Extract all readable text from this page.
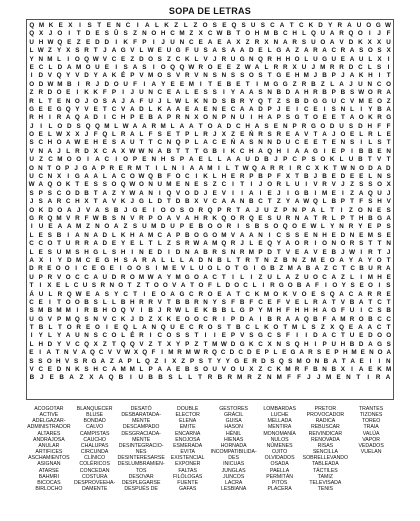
SOPA DE LETRAS
Q M K E X	I	S T E N C	I	A L K Z L Z O S E Q S U S C A T C K D Y R A U O G W
Q X J O I	T D E S Ū S Z N O H C M Z X C W B T O H M B C H L Q U A R Q O I	J F
U H W Q E Z E D D I K F P	I	J U N C E A E A X Z R X N A R S U O A V D K X X U
L W Z Y X S R T J A G V L W E U G F U S A S A A D E L G A Z A R A C R A S O S X
Y N M L	I O Q W V C E Z D O S Z C K L V J R U G N Q R H H O L U G U E A U L X I
E C L D A M O U E	I	S A S	I O Q Q W R O E E Z W A L R R X U J M R R D C L S	I
I D V Q Y V D Y A K É P V M O S V R V N S N S S O S T G E H M J B P J A K H I	T
O D W M B I R J D O U F	I A Y E E M I	T E B E T	I M G G Z R B Z L A J U N C O
Z R D O E I K K F P I	J U N C E A L E S S I Y A A S N B D A H R B P B S W O R A
R L T E N O J O S A J A F U J L W L K N D S B R Y Q T Z S B D G G U C V M E O Z
G E E G Q Y V E T C V A D L K A A E A E N E C A A D P J E I C E I S N L	I Y B A
R H I R A Q A D I C H P E B A P R N X O N P N U I H A P S G T O E E T A O K R G
J	I	L O D S Q Q M L W A A R M L A A T O A D C H A S E N P R G O D U S D H F F
O E L W X X J F Q L R A L F S E T P L R J X Z E Ń R S R E A V T A J O E L R L E
S C H O A W E H E S A U T T C N Q P L A C E Ń A S N N D U C E E T E N S I	L S T
V N A J L R D X C A X W W N A B T T T G B I K C H A Q H I A A G I E P I B B E N
U Z C M O O I A C I O P E N H S P A E L L A A U D B J P C P S O K L U B T V T
O N T O P J G A P R E R M T I L N I A A M I L T W Q A R R I R C X K T W N O D A D
U C N X I G A A L A C O W Q B F O C I K L H E R P B P F X T B J B E D E E L N S
W A Q O K T E S S O Q W O N U M E N E S Z C I	T	I	J O R L U I V R V J Z S S O X
S P S C O D B T A Z Y W A N I Q V O D J E V I	I A I E J	I G B I M E I	Z A Q U J
J S A R C H X T A V K J G L D T D B X V C A A N B C T Z Y A W Q L B P T F S H V
O K D O A J V A S B J G E	I O O S O R Q P R T A J U Z P N P A L T	I	Z O N E S
G R Q M V R F W B S N V R P O A V A H R K Q O R Q E S U R N A T R L P T H B G A
I U E A A M Z N O A Z S U M D U P E B O O R I	S B S O Q O E W L Y N R Y E P S
L E S B I A N A D L K H A M C A P B O G O M V A A N I C S S E N H E D N E M S E
C C O T U R R A D E Y E L T L Z S R W A M Q R J L E Q Y A O R I O N O R S T T N
L E S U M S H G L S H I N E D I D N A B R S N R M P D T V E A V E B J W I R T J
A X	I	Y D M C E G H S A R A L L L A D N B L T R T N Z B N Z M E O A Y A Y O T
D R E O O I C E G E I O O S I M E V L U O L O T G I G B Z M A B A Z C T C B U R A
U P R V O C C A U D R O M W A Y M G O A C T	I	L	I	Z U L A Z U O C A Z L	I M H E
T I X E L C U S R N O T Z T O O V A T O F L D O C L I R G O B A F I O Y S E O I S
Á U L R Q W E A S Y C T	I	E O A G C R O E A T C K M O K V O E S Q A C A R R E
C E I	T O O B S L L B H R R V T B B R N Y S F B F C E F V E L R A T V B A T C T
S M B M M I R B H O Q V I B J R W L E K B B L G P Y M H F H H H A G F U I C S B
U G V P M Q S N V C K J D Z X K E O O C R I P D A I B R A A Q B F A M R O B C C
T B L T O R E O I	E Q L A N Q U E C R O S T B C L K O T M L S Z X Q E A A C T
I Y L Y A U N S C O L É R I C O S S T	I	I E P V S G C S F	I	I D A C T U E D O O
L H D Y V C Q X Z T Q Q V Z T X Y P Z T M W D G K C X N S Q H I P U H B D A G S
E I A T N V A Q C V V W X Q F I M R M W R Q C D C D E P L E G A R S E P H M E N O A
S S O H V S R G A Z A P L Q Z I X Z P S T Y Y G E R D S Q S M O N B A T A E I	I N
V C E D N K S H C A M M L P A A E B S O U V O U X Z C K M R F B N B X I A E K M
B J E B A Z X A Q B	I	U B B S L L T R B R M R Z N M F F J	J M E N T	I	R A
ACOGOTAR
ACTIVE
ADELGAZAR-
ADMINISTRADOR
ALTARES
ANDRAJOSA
ANULAR
ARTIFICES
ASCHAMIENTOS
ASIGNAN
ATARSE
BAHMRI
BICOCAS
BIRLOCHO
BLANQUECER
BLUSE
BONDAD
CALVO
CAMPISTAS
CAUCHO
CHALUPAS
CIRCUNDA
CLÍNICO
COLÉRICOS
CONCEDAN
COSTURA
DESPROVEEHA-
DAMENTE
DESATÓ
DESBARATADA-
MENTE
DESCAMPADO
DESGRACIADA-
MENTE
DESINTEGRACIO-
NES
DESINTERESARSE
DESLUMBRAMIEN-
TOS
DESOVAR
DESPLEGARSE
DESPUÉS DE
DOUBLE
ELECTOR
ELENA
EMITE
ENCARNA
ENOJOSA
ESMERADA
EVITA
EXISTENCIAL
EXPONER
FALTAS
FILÓLOGAS
FUENTE
GAFAS
GESTORES
GRÁCIL
GUISA
HASON
HÉNIL
HIENAS
HORNADA
INCOMPATIBILIDA-
DES
INICUAS
JUNGLAS
JUNCOS
LACRA
LESBIANA
LOMBARDAS
LUCHE
MELLADA
MENTIRA
MONOMANÍA
NULOS
NÚMENES
OJITO
OLVIDADOS
OSADA
PAELLA
PERMITÁN
PITOS
PLACERA
PRETOR
PROVOCADOR
RADICA
REBUSCAR
REIVINDICAR
RENOVADA
RISAS
SENCILLA
SOBRELLEVANDO
TABLEADA
TÁCTILES
TAMIZ
TELEVISADA
TENIS
TRANTES
TIZONES
TOREO
TRAIA
VALÚA
VAPOR
VEDADOS
VUELAN
